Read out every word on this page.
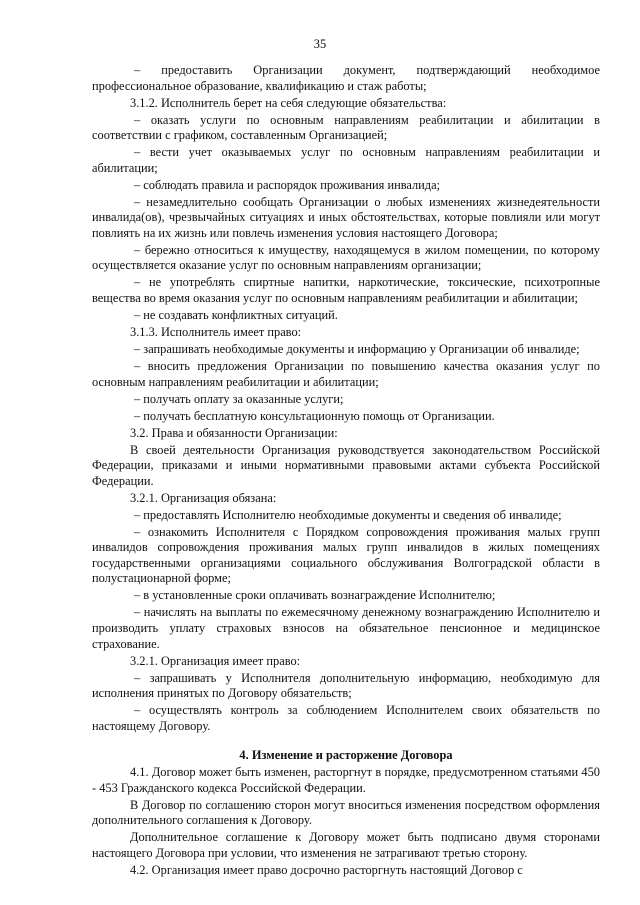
35

– предоставить Организации документ, подтверждающий необходимое профессиональное образование, квалификацию и стаж работы;

3.1.2. Исполнитель берет на себя следующие обязательства:

– оказать услуги по основным направлениям реабилитации и абилитации в соответствии с графиком, составленным Организацией;

– вести учет оказываемых услуг по основным направлениям реабилитации и абилитации;

– соблюдать правила и распорядок проживания инвалида;

– незамедлительно сообщать Организации о любых изменениях жизнедеятельности инвалида(ов), чрезвычайных ситуациях и иных обстоятельствах, которые повлияли или могут повлиять на их жизнь или повлечь изменения условия настоящего Договора;

– бережно относиться к имуществу, находящемуся в жилом помещении, по которому осуществляется оказание услуг по основным направлениям организации;

– не употреблять спиртные напитки, наркотические, токсические, психотропные вещества во время оказания услуг по основным направлениям реабилитации и абилитации;

– не создавать конфликтных ситуаций.

3.1.3. Исполнитель имеет право:

– запрашивать необходимые документы и информацию у Организации об инвалиде;

– вносить предложения Организации по повышению качества оказания услуг по основным направлениям реабилитации и абилитации;

– получать оплату за оказанные услуги;

– получать бесплатную консультационную помощь от Организации.

3.2. Права и обязанности Организации:

В своей деятельности Организация руководствуется законодательством Российской Федерации, приказами и иными нормативными правовыми актами субъекта Российской Федерации.

3.2.1. Организация обязана:

– предоставлять Исполнителю необходимые документы и сведения об инвалиде;

– ознакомить Исполнителя с Порядком сопровождения проживания малых групп инвалидов сопровождения проживания малых групп инвалидов в жилых помещениях государственными организациями социального обслуживания Волгоградской области в полустационарной форме;

– в установленные сроки оплачивать вознаграждение Исполнителю;

– начислять на выплаты по ежемесячному денежному вознаграждению Исполнителю и производить уплату страховых взносов на обязательное пенсионное и медицинское страхование.

3.2.1. Организация имеет право:

– запрашивать у Исполнителя дополнительную информацию, необходимую для исполнения принятых по Договору обязательств;

– осуществлять контроль за соблюдением Исполнителем своих обязательств по настоящему Договору.

4. Изменение и расторжение Договора

4.1. Договор может быть изменен, расторгнут в порядке, предусмотренном статьями 450 - 453 Гражданского кодекса Российской Федерации.

В Договор по соглашению сторон могут вноситься изменения посредством оформления дополнительного соглашения к Договору.

Дополнительное соглашение к Договору может быть подписано двумя сторонами настоящего Договора при условии, что изменения не затрагивают третью сторону.

4.2. Организация имеет право досрочно расторгнуть настоящий Договор с
